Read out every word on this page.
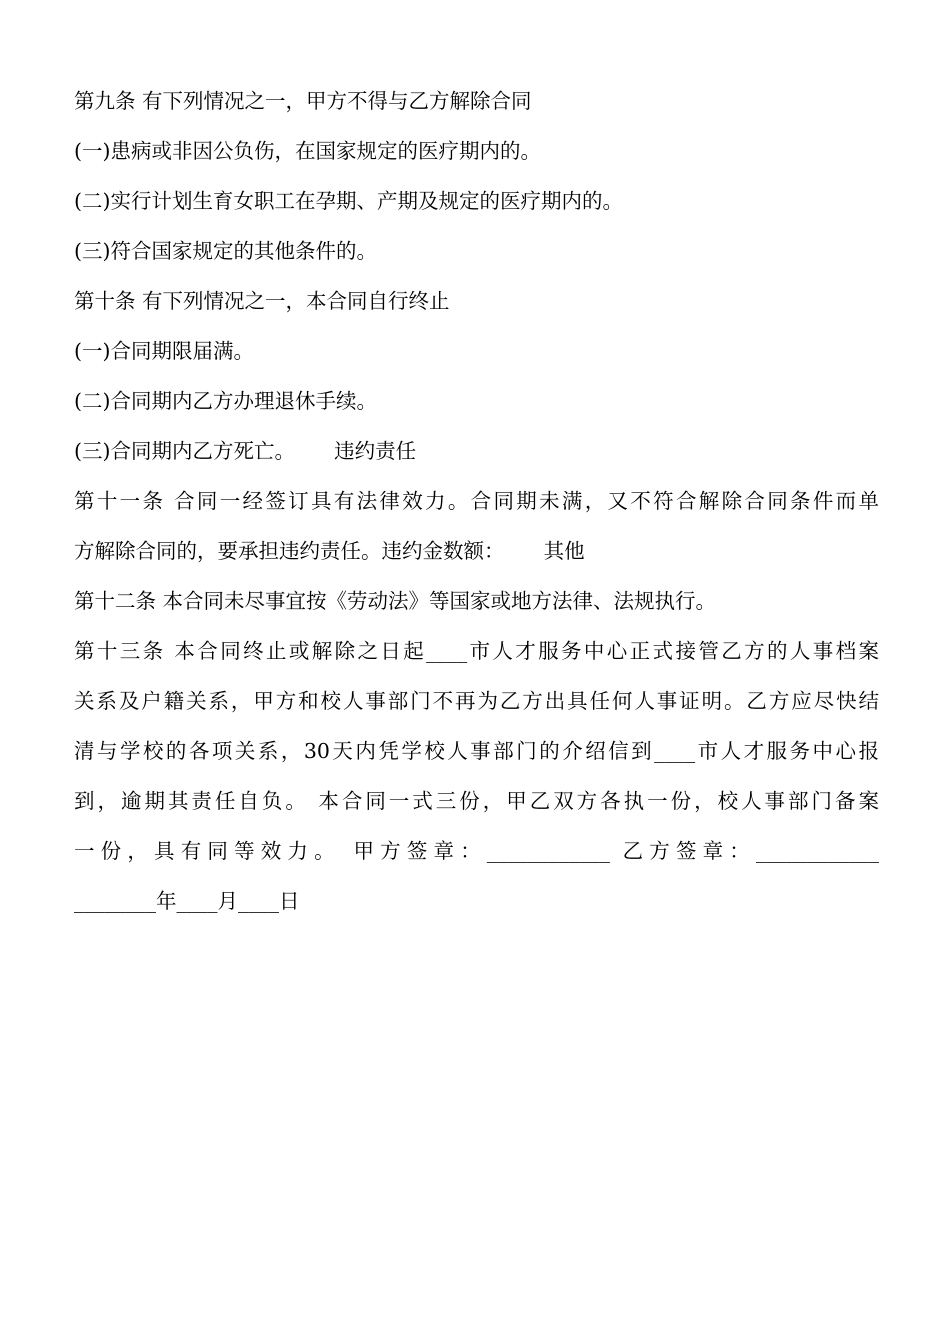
第九条 有下列情况之一，甲方不得与乙方解除合同
(一)患病或非因公负伤，在国家规定的医疗期内的。
(二)实行计划生育女职工在孕期、产期及规定的医疗期内的。
(三)符合国家规定的其他条件的。
第十条 有下列情况之一，本合同自行终止
(一)合同期限届满。
(二)合同期内乙方办理退休手续。
(三)合同期内乙方死亡。      违约责任
第十一条 合同一经签订具有法律效力。合同期未满，又不符合解除合同条件而单
方解除合同的，要承担违约责任。违约金数额：      其他
第十二条 本合同未尽事宜按《劳动法》等国家或地方法律、法规执行。
第十三条 本合同终止或解除之日起____市人才服务中心正式接管乙方的人事档案
关系及户籍关系，甲方和校人事部门不再为乙方出具任何人事证明。乙方应尽快结
清与学校的各项关系，30天内凭学校人事部门的介绍信到____市人才服务中心报
到，逾期其责任自负。 本合同一式三份，甲乙双方各执一份，校人事部门备案
一份，具有同等效力。 甲方签章：____________ 乙方签章：____________
________年____月____日
